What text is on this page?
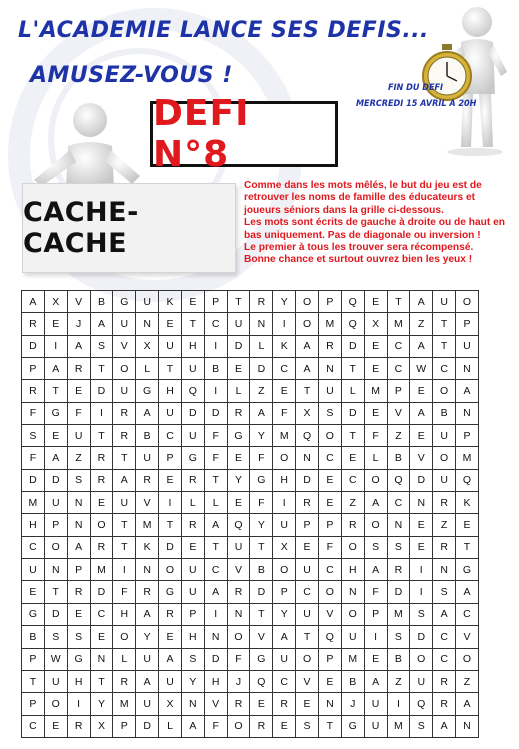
L'ACADEMIE LANCE SES DEFIS...
AMUSEZ-VOUS !	FIN DU DEFI
MERCREDI 15 AVRIL A 20H
DEFI N°8
CACHE-CACHE

Comme dans les mots mêlés, le but du jeu est de retrouver les noms de famille des éducateurs et joueurs séniors dans la grille ci-dessous.

Les mots sont écrits de gauche à droite ou de haut en bas uniquement. Pas de diagonale ou inversion !

Le premier à tous les trouver sera récompensé.

Bonne chance et surtout ouvrez bien les yeux !

A	X	V	B	G	U	K	E	P	T	R	Y	O	P	Q	E	T	A	U	O
R	E	J	A	U	N	E	T	C	U	N	I	O	M	Q	X	M	Z	T	P
D	I	A	S	V	X	U	H	I	D	L	K	A	R	D	E	C	A	T	U
P	A	R	T	O	L	T	U	B	E	D	C	A	N	T	E	C	W	C	N
R	T	E	D	U	G	H	Q	I	L	Z	E	T	U	L	M	P	E	O	A
F	G	F	I	R	A	U	D	D	R	A	F	X	S	D	E	V	A	B	N
S	E	U	T	R	B	C	U	F	G	Y	M	Q	O	T	F	Z	E	U	P
F	A	Z	R	T	U	P	G	F	E	F	O	N	C	E	L	B	V	O	M
D	D	S	R	A	R	E	R	T	Y	G	H	D	E	C	O	Q	D	U	Q
M	U	N	E	U	V	I	L	L	E	F	I	R	E	Z	A	C	N	R	K
H	P	N	O	T	M	T	R	A	Q	Y	U	P	P	R	O	N	E	Z	E
C	O	A	R	T	K	D	E	T	U	T	X	E	F	O	S	S	E	R	T
U	N	P	M	I	N	O	U	C	V	B	O	U	C	H	A	R	I	N	G
E	T	R	D	F	R	G	U	A	R	D	P	C	O	N	F	D	I	S	A
G	D	E	C	H	A	R	P	I	N	T	Y	U	V	O	P	M	S	A	C
B	S	S	E	O	Y	E	H	N	O	V	A	T	Q	U	I	S	D	C	V
P	W	G	N	L	U	A	S	D	F	G	U	O	P	M	E	B	O	C	O
T	U	H	T	R	A	U	Y	H	J	Q	C	V	E	B	A	Z	U	R	Z
P	O	I	Y	M	U	X	N	V	R	E	R	E	N	J	U	I	Q	R	A
C	E	R	X	P	D	L	A	F	O	R	E	S	T	G	U	M	S	A	N
